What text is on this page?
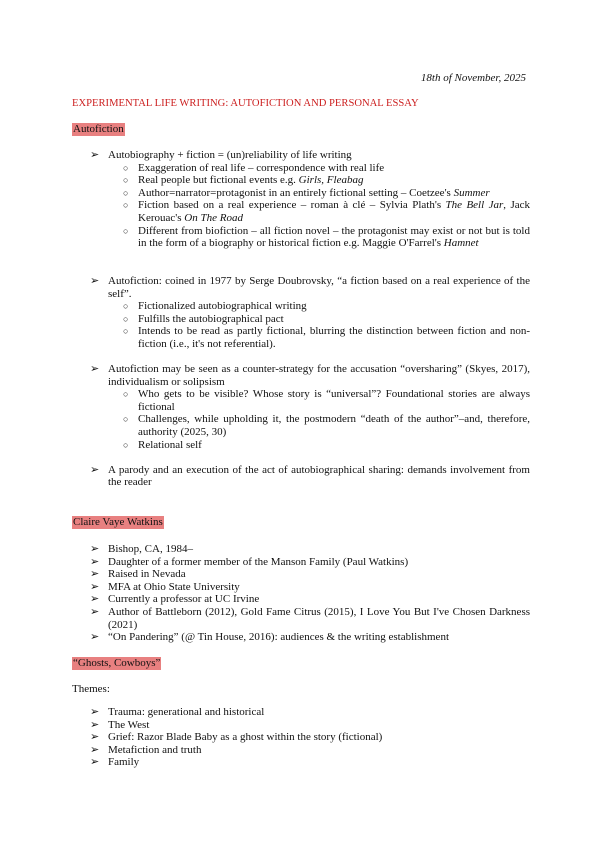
18th of November, 2025
EXPERIMENTAL LIFE WRITING: AUTOFICTION AND PERSONAL ESSAY
Autofiction
➢ Autobiography + fiction = (un)reliability of life writing
○ Exaggeration of real life – correspondence with real life
○ Real people but fictional events e.g. Girls, Fleabag
○ Author=narrator=protagonist in an entirely fictional setting – Coetzee's Summer
○ Fiction based on a real experience – roman à clé – Sylvia Plath's The Bell Jar, Jack Kerouac's On The Road
○ Different from biofiction – all fiction novel – the protagonist may exist or not but is told in the form of a biography or historical fiction e.g. Maggie O'Farrel's Hamnet
➢ Autofiction: coined in 1977 by Serge Doubrovsky, “a fiction based on a real experience of the self”.
○ Fictionalized autobiographical writing
○ Fulfills the autobiographical pact
○ Intends to be read as partly fictional, blurring the distinction between fiction and non-fiction (i.e., it's not referential).
➢ Autofiction may be seen as a counter-strategy for the accusation “oversharing” (Skyes, 2017), individualism or solipsism
○ Who gets to be visible? Whose story is “universal”? Foundational stories are always fictional
○ Challenges, while upholding it, the postmodern “death of the author”–and, therefore, authority (2025, 30)
○ Relational self
➢ A parody and an execution of the act of autobiographical sharing: demands involvement from the reader
Claire Vaye Watkins
➢ Bishop, CA, 1984–
➢ Daughter of a former member of the Manson Family (Paul Watkins)
➢ Raised in Nevada
➢ MFA at Ohio State University
➢ Currently a professor at UC Irvine
➢ Author of Battleborn (2012), Gold Fame Citrus (2015), I Love You But I've Chosen Darkness (2021)
➢ “On Pandering” (@ Tin House, 2016): audiences & the writing establishment
“Ghosts, Cowboys”
Themes:
➢ Trauma: generational and historical
➢ The West
➢ Grief: Razor Blade Baby as a ghost within the story (fictional)
➢ Metafiction and truth
➢ Family
